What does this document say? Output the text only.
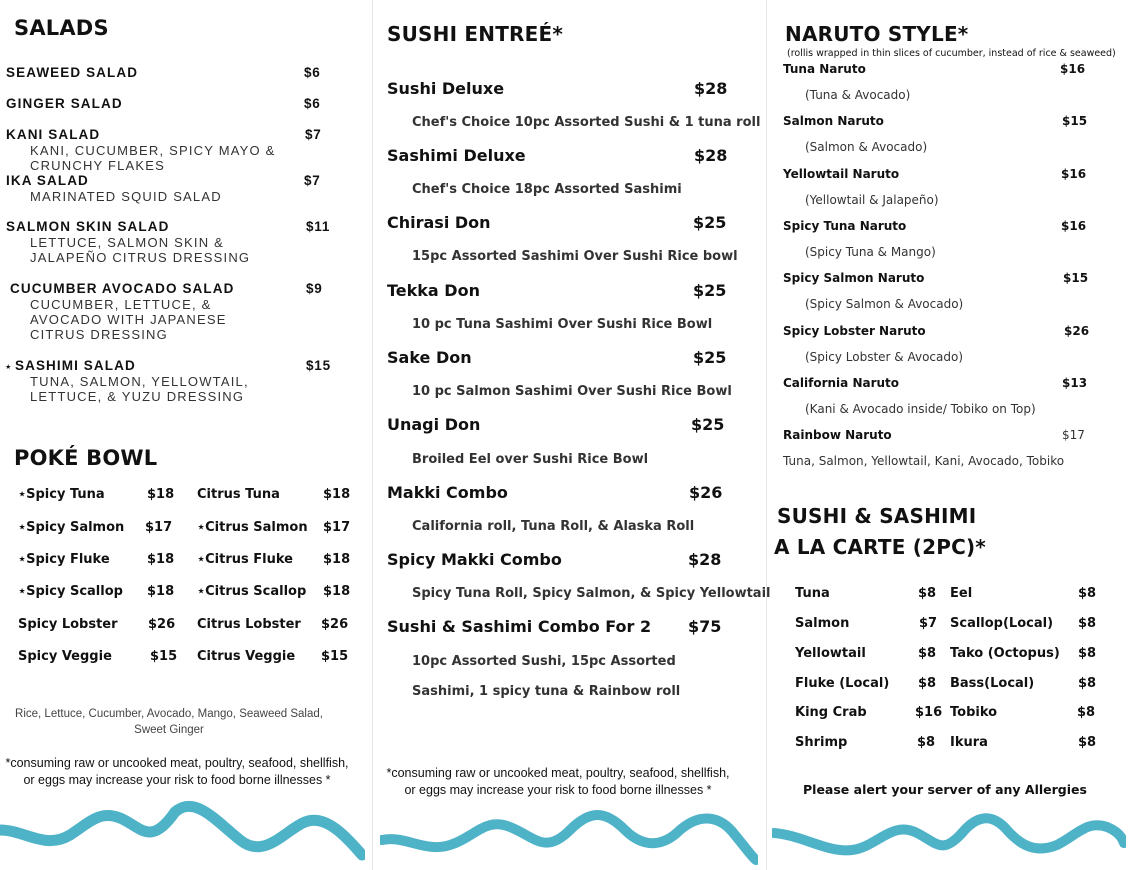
SALADS
SEAWEED SALAD	$6
GINGER SALAD	$6
KANI SALAD	$7
KANI, CUCUMBER, SPICY MAYO &
CRUNCHY FLAKES
IKA SALAD	$7
MARINATED SQUID SALAD
SALMON SKIN SALAD	$11
LETTUCE, SALMON SKIN &
JALAPEÑO CITRUS DRESSING
CUCUMBER AVOCADO SALAD	$9
CUCUMBER, LETTUCE, &
AVOCADO WITH JAPANESE
CITRUS DRESSING
⋆ SASHIMI SALAD	$15
TUNA, SALMON, YELLOWTAIL,
LETTUCE, & YUZU DRESSING
POKÉ BOWL
⋆Spicy Tuna	$18 Citrus Tuna	$18
⋆Spicy Salmon $17 ⋆Citrus Salmon $17
⋆Spicy Fluke	$18 ⋆Citrus Fluke $18
⋆Spicy Scallop $18 ⋆Citrus Scallop $18
Spicy Lobster $26 Citrus Lobster $26
Spicy Veggie	$15 Citrus Veggie $15
Rice, Lettuce, Cucumber, Avocado, Mango, Seaweed Salad, Sweet Ginger
*consuming raw or uncooked meat, poultry, seafood, shellfish, or eggs may increase your risk to food borne illnesses *
SUSHI ENTREÉ*
Sushi Deluxe	$28
Chef's Choice 10pc Assorted Sushi & 1 tuna roll
Sashimi Deluxe	$28
Chef's Choice 18pc Assorted Sashimi
Chirasi Don	$25
15pc Assorted Sashimi Over Sushi Rice bowl
Tekka Don	$25
10 pc Tuna Sashimi Over Sushi Rice Bowl
Sake Don	$25
10 pc Salmon Sashimi Over Sushi Rice Bowl
Unagi Don	$25
Broiled Eel over Sushi Rice Bowl
Makki Combo	$26
California roll, Tuna Roll, & Alaska Roll
Spicy Makki Combo	$28
Spicy Tuna Roll, Spicy Salmon, & Spicy Yellowtail
Sushi & Sashimi Combo For 2 $75
10pc Assorted Sushi, 15pc Assorted
Sashimi, 1 spicy tuna & Rainbow roll
*consuming raw or uncooked meat, poultry, seafood, shellfish, or eggs may increase your risk to food borne illnesses *
NARUTO STYLE*
(rollis wrapped in thin slices of cucumber, instead of rice & seaweed)
Tuna Naruto	$16
(Tuna & Avocado)
Salmon Naruto	$15
(Salmon & Avocado)
Yellowtail Naruto	$16
(Yellowtail & Jalapeño)
Spicy Tuna Naruto	$16
(Spicy Tuna & Mango)
Spicy Salmon Naruto	$15
(Spicy Salmon & Avocado)
Spicy Lobster Naruto	$26
(Spicy Lobster & Avocado)
California Naruto	$13
(Kani & Avocado inside/ Tobiko on Top)
Rainbow Naruto	$17
Tuna, Salmon, Yellowtail, Kani, Avocado, Tobiko
SUSHI & SASHIMI
A LA CARTE (2PC)*
Tuna	$8 Eel	$8
Salmon	$7 Scallop(Local) $8
Yellowtail	$8 Tako (Octopus) $8
Fluke (Local) $8 Bass(Local)	$8
King Crab	$16 Tobiko	$8
Shrimp	$8 Ikura	$8
Please alert your server of any Allergies
